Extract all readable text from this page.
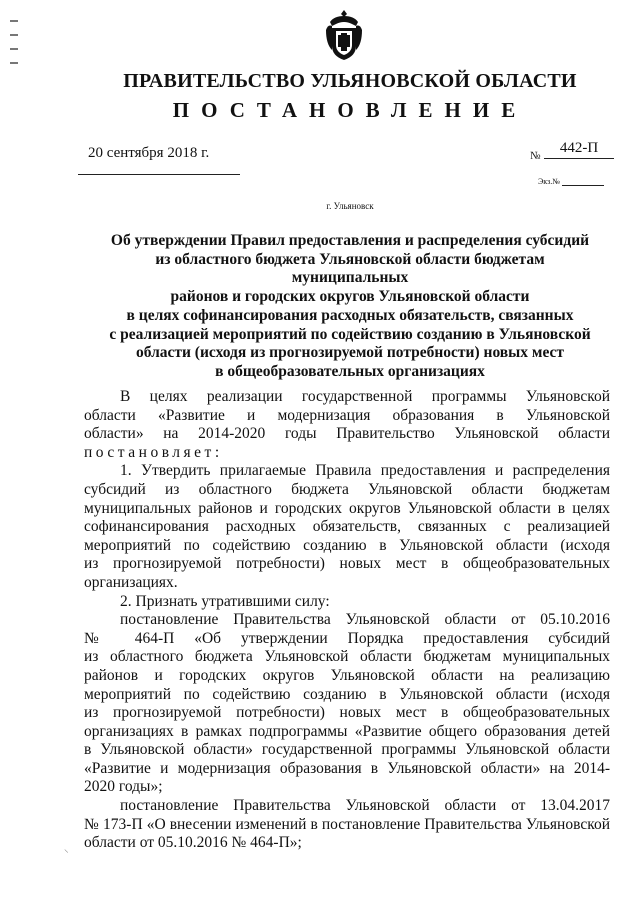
ПРАВИТЕЛЬСТВО УЛЬЯНОВСКОЙ ОБЛАСТИ
ПОСТАНОВЛЕНИЕ
20 сентября 2018 г.	№	442-П
Экз.№
г. Ульяновск
Об утверждении Правил предоставления и распределения субсидий
из областного бюджета Ульяновской области бюджетам муниципальных
районов и городских округов Ульяновской области
в целях софинансирования расходных обязательств, связанных
с реализацией мероприятий по содействию созданию в Ульяновской
области (исходя из прогнозируемой потребности) новых мест
в общеобразовательных организациях
В целях реализации государственной программы Ульяновской
области «Развитие и модернизация образования в Ульяновской
области» на 2014-2020 годы Правительство Ульяновской области
постановляет:
1. Утвердить прилагаемые Правила предоставления и распределения
субсидий из областного бюджета Ульяновской области бюджетам
муниципальных районов и городских округов Ульяновской области в целях
софинансирования расходных обязательств, связанных с реализацией
мероприятий по содействию созданию в Ульяновской области (исходя
из прогнозируемой потребности) новых мест в общеобразовательных
организациях.
2. Признать утратившими силу:
постановление Правительства Ульяновской области от 05.10.2016
№ 464-П «Об утверждении Порядка предоставления субсидий
из областного бюджета Ульяновской области бюджетам муниципальных
районов и городских округов Ульяновской области на реализацию
мероприятий по содействию созданию в Ульяновской области (исходя
из прогнозируемой потребности) новых мест в общеобразовательных
организациях в рамках подпрограммы «Развитие общего образования детей
в Ульяновской области» государственной программы Ульяновской области
«Развитие и модернизация образования в Ульяновской области» на 2014-
2020 годы»;
постановление Правительства Ульяновской области от 13.04.2017
№ 173-П «О внесении изменений в постановление Правительства Ульяновской
области от 05.10.2016 № 464-П»;
⸜
